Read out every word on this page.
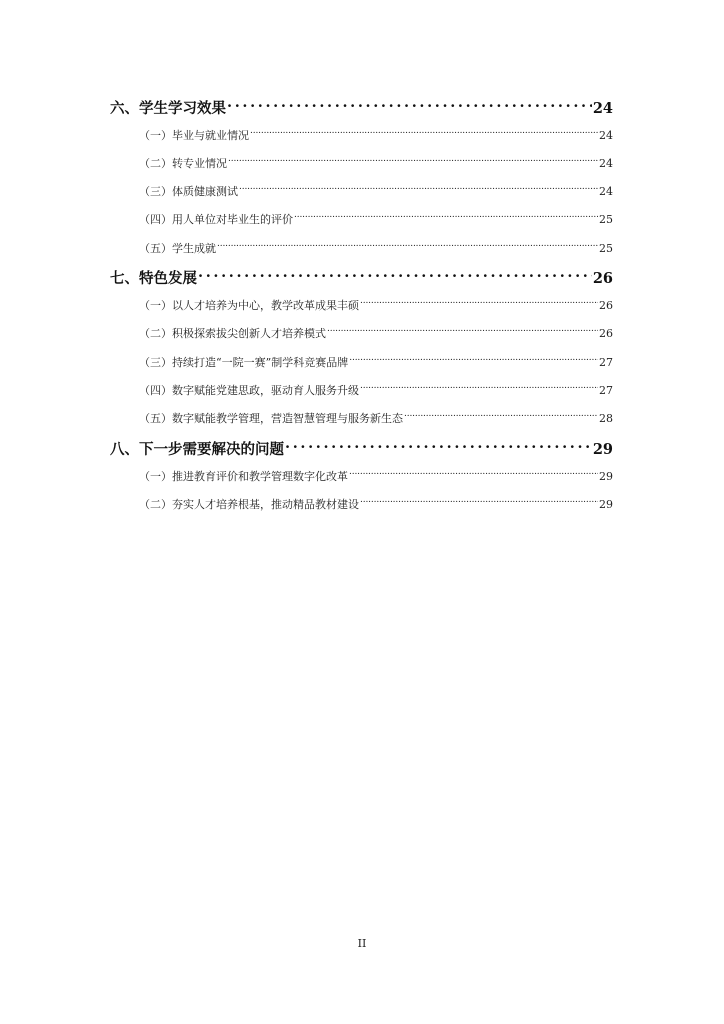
六、学生学习效果 . . .	24
（一）毕业与就业情况 . . .	24
（二）转专业情况 . . .	24
（三）体质健康测试 . . .	24
（四）用人单位对毕业生的评价 . . .	25
（五）学生成就 . . .	25
七、特色发展 . . .	26
（一）以人才培养为中心，教学改革成果丰硕 . . .	26
（二）积极探索拔尖创新人才培养模式 . . .	26
（三）持续打造“一院一赛”制学科竞赛品牌 . . .	27
（四）数字赋能党建思政，驱动育人服务升级 . . .	27
（五）数字赋能教学管理，营造智慧管理与服务新生态 . . .	28
八、下一步需要解决的问题 . . .	29
（一）推进教育评价和教学管理数字化改革 . . .	29
（二）夯实人才培养根基，推动精品教材建设 . . .	29
II
